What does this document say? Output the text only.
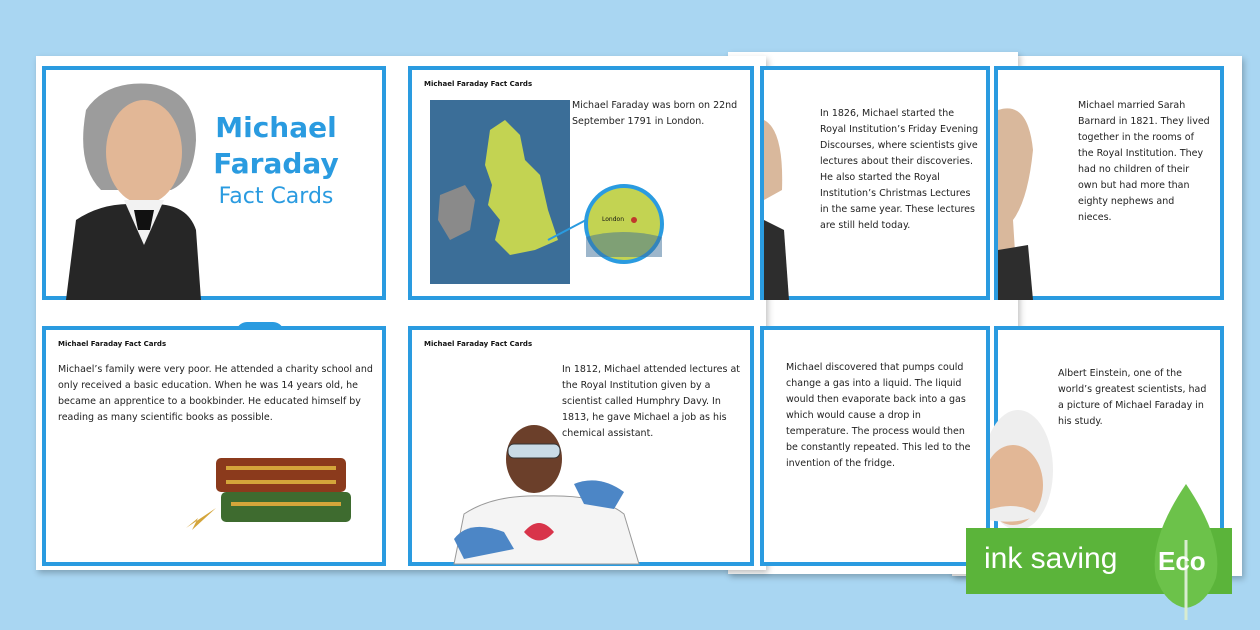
Michael married Sarah Barnard in 1821. They lived together in the rooms of the Royal Institution. They had no children of their own but had more than eighty nephews and nieces.
Albert Einstein, one of the world’s greatest scientists, had a picture of Michael Faraday in his study.
In 1826, Michael started the Royal Institution’s Friday Evening Discourses, where scientists give lectures about their discoveries. He also started the Royal Institution’s Christmas Lectures in the same year. These lectures are still held today.
Michael discovered that pumps could change a gas into a liquid. The liquid would then evaporate back into a gas which would cause a drop in temperature. The process would then be constantly repeated. This led to the invention of the fridge.
Michael
Faraday
Fact Cards
Michael Faraday Fact Cards
London
Michael Faraday was born on 22nd September 1791 in London.
Michael Faraday Fact Cards
Michael’s family were very poor. He attended a charity school and only received a basic education. When he was 14 years old, he became an apprentice to a bookbinder. He educated himself by reading as many scientific books as possible.
Michael Faraday Fact Cards
In 1812, Michael attended lectures at the Royal Institution given by a scientist called Humphry Davy. In 1813, he gave Michael a job as his chemical assistant.
ink saving Eco
